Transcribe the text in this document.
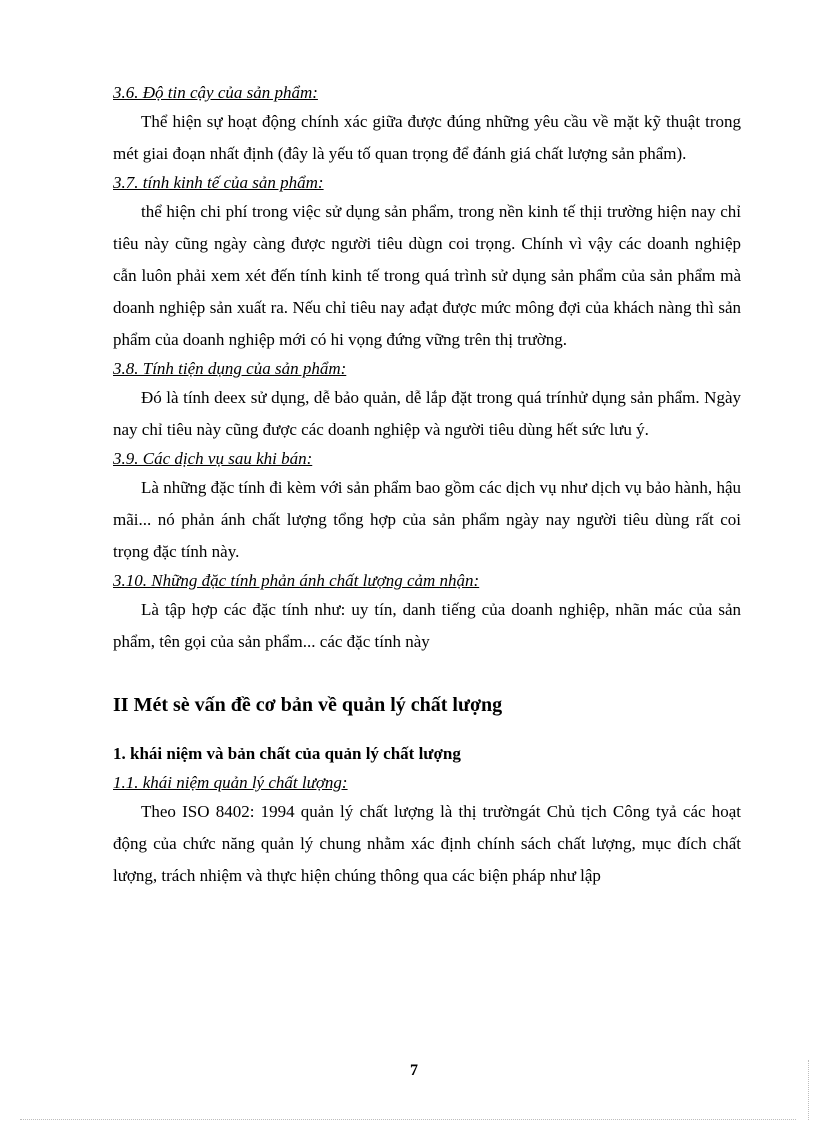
3.6. Độ tin cậy của sản phẩm:

Thể hiện sự hoạt động chính xác giữa được đúng những yêu cầu về mặt kỹ thuật trong mét giai đoạn nhất định (đây là yếu tố quan trọng để đánh giá chất lượng sản phẩm).

3.7. tính kinh tế của sản phẩm:

thể hiện chi phí trong việc sử dụng sản phẩm, trong nền kinh tế thịi trường hiện nay chỉ tiêu này cũng ngày càng được người tiêu dùgn coi trọng. Chính vì vậy các doanh nghiệp cẫn luôn phải xem xét đến tính kinh tế trong quá trình sử dụng sản phẩm của sản phẩm mà doanh nghiệp sản xuất ra. Nếu chỉ tiêu nay ađạt được mức mông đợi của khách nàng thì sản phẩm của doanh nghiệp mới có hi vọng đứng vững trên thị trường.

3.8. Tính tiện dụng của sản phẩm:

Đó là tính deex sử dụng, dễ bảo quản, dễ lắp đặt trong quá trínhử dụng sản phẩm. Ngày nay chỉ tiêu này cũng được các doanh nghiệp và người tiêu dùng hết sức lưu ý.

3.9. Các dịch vụ sau khi bán:

Là những đặc tính đi kèm với sản phẩm bao gồm các dịch vụ như dịch vụ bảo hành, hậu mãi... nó phản ánh chất lượng tổng hợp của sản phẩm ngày nay người tiêu dùng rất coi trọng đặc tính này.

3.10. Những đặc tính phản ánh chất lượng cảm nhận:

Là tập hợp các đặc tính như: uy tín, danh tiếng của doanh nghiệp, nhãn mác của sản phẩm, tên gọi của sản phẩm... các đặc tính này

II Mét sè vấn đề cơ bản về quản lý chất lượng
1. khái niệm và bản chất của quản lý chất lượng
1.1. khái niệm quản lý chất lượng:

Theo ISO 8402: 1994 quản lý chất lượng là thị trườngát Chủ tịch Công tyả các hoạt động của chức năng quản lý chung nhằm xác định chính sách chất lượng, mục đích chất lượng, trách nhiệm và thực hiện chúng thông qua các biện pháp như lập

7
